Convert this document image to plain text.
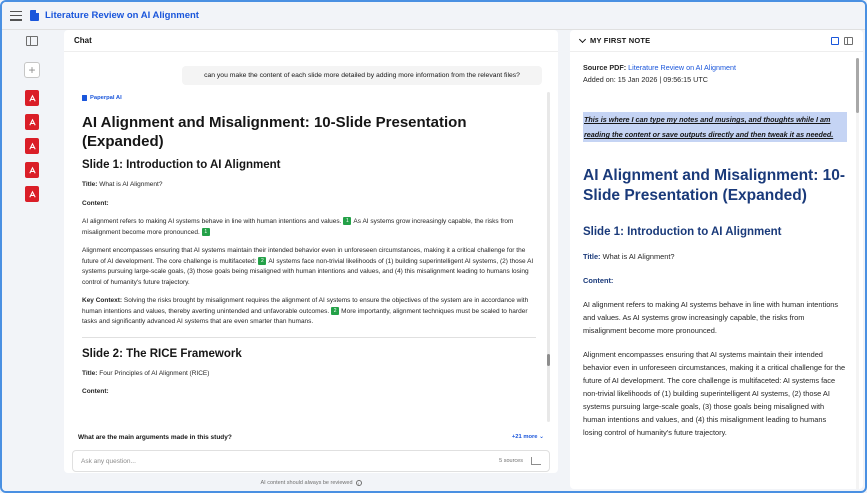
Literature Review on AI Alignment
+
Chat
can you make the content of each slide more detailed by adding more information from the relevant files?
Paperpal AI
AI Alignment and Misalignment: 10-Slide Presentation (Expanded)
Slide 1: Introduction to AI Alignment

Title: What is AI Alignment?

Content:

AI alignment refers to making AI systems behave in line with human intentions and values. 1 As AI systems grow increasingly capable, the risks from misalignment become more pronounced. 1

Alignment encompasses ensuring that AI systems maintain their intended behavior even in unforeseen circumstances, making it a critical challenge for the future of AI development. The core challenge is multifaceted: 2 AI systems face non-trivial likelihoods of (1) building superintelligent AI systems, (2) those AI systems pursuing large-scale goals, (3) those goals being misaligned with human intentions and values, and (4) this misalignment leading to humans losing control of humanity's future trajectory.

Key Context: Solving the risks brought by misalignment requires the alignment of AI systems to ensure the objectives of the system are in accordance with human intentions and values, thereby averting unintended and unfavorable outcomes. 2 More importantly, alignment techniques must be scaled to harder tasks and significantly advanced AI systems that are even smarter than humans.

Slide 2: The RICE Framework

Title: Four Principles of AI Alignment (RICE)

Content:

What are the main arguments made in this study?	+21 more ⌄
Ask any question...
5 sources
AI content should always be reviewed	i
MY FIRST NOTE
Source PDF: Literature Review on AI Alignment
Added on: 15 Jan 2026 | 09:56:15 UTC
This is where I can type my notes and musings, and thoughts while I am reading the content or save outputs directly and then tweak it as needed.
AI Alignment and Misalignment: 10-Slide Presentation (Expanded)
Slide 1: Introduction to AI Alignment

Title: What is AI Alignment?

Content:

AI alignment refers to making AI systems behave in line with human intentions and values. As AI systems grow increasingly capable, the risks from misalignment become more pronounced.

Alignment encompasses ensuring that AI systems maintain their intended behavior even in unforeseen circumstances, making it a critical challenge for the future of AI development. The core challenge is multifaceted: AI systems face non-trivial likelihoods of (1) building superintelligent AI systems, (2) those AI systems pursuing large-scale goals, (3) those goals being misaligned with human intentions and values, and (4) this misalignment leading to humans losing control of humanity's future trajectory.
